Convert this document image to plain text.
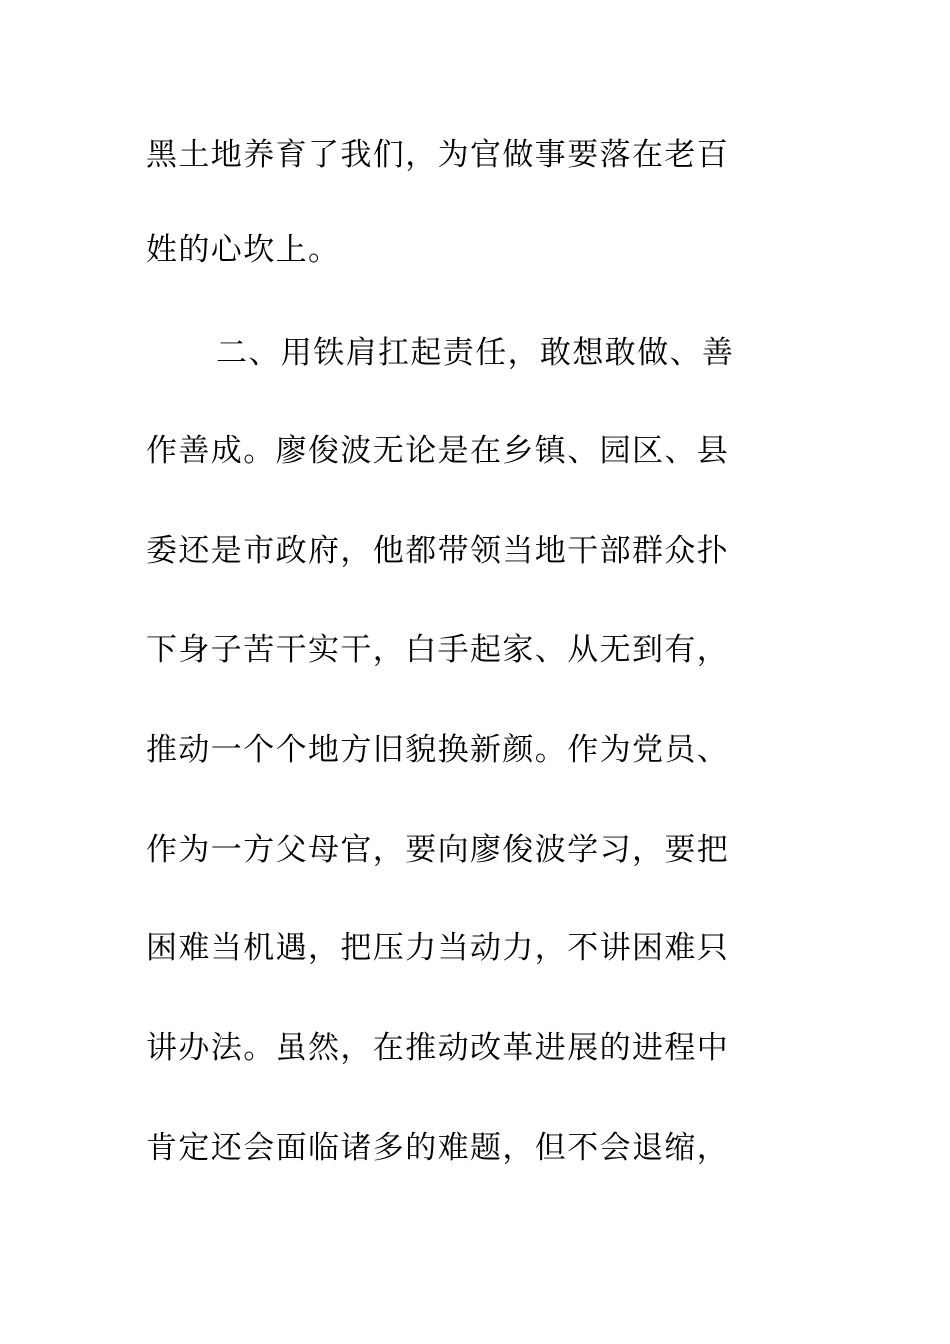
黑土地养育了我们，为官做事要落在老百
姓的心坎上。
二、用铁肩扛起责任，敢想敢做、善
作善成。廖俊波无论是在乡镇、园区、县
委还是市政府，他都带领当地干部群众扑
下身子苦干实干，白手起家、从无到有，
推动一个个地方旧貌换新颜。作为党员、
作为一方父母官，要向廖俊波学习，要把
困难当机遇，把压力当动力，不讲困难只
讲办法。虽然，在推动改革进展的进程中
肯定还会面临诸多的难题，但不会退缩，
